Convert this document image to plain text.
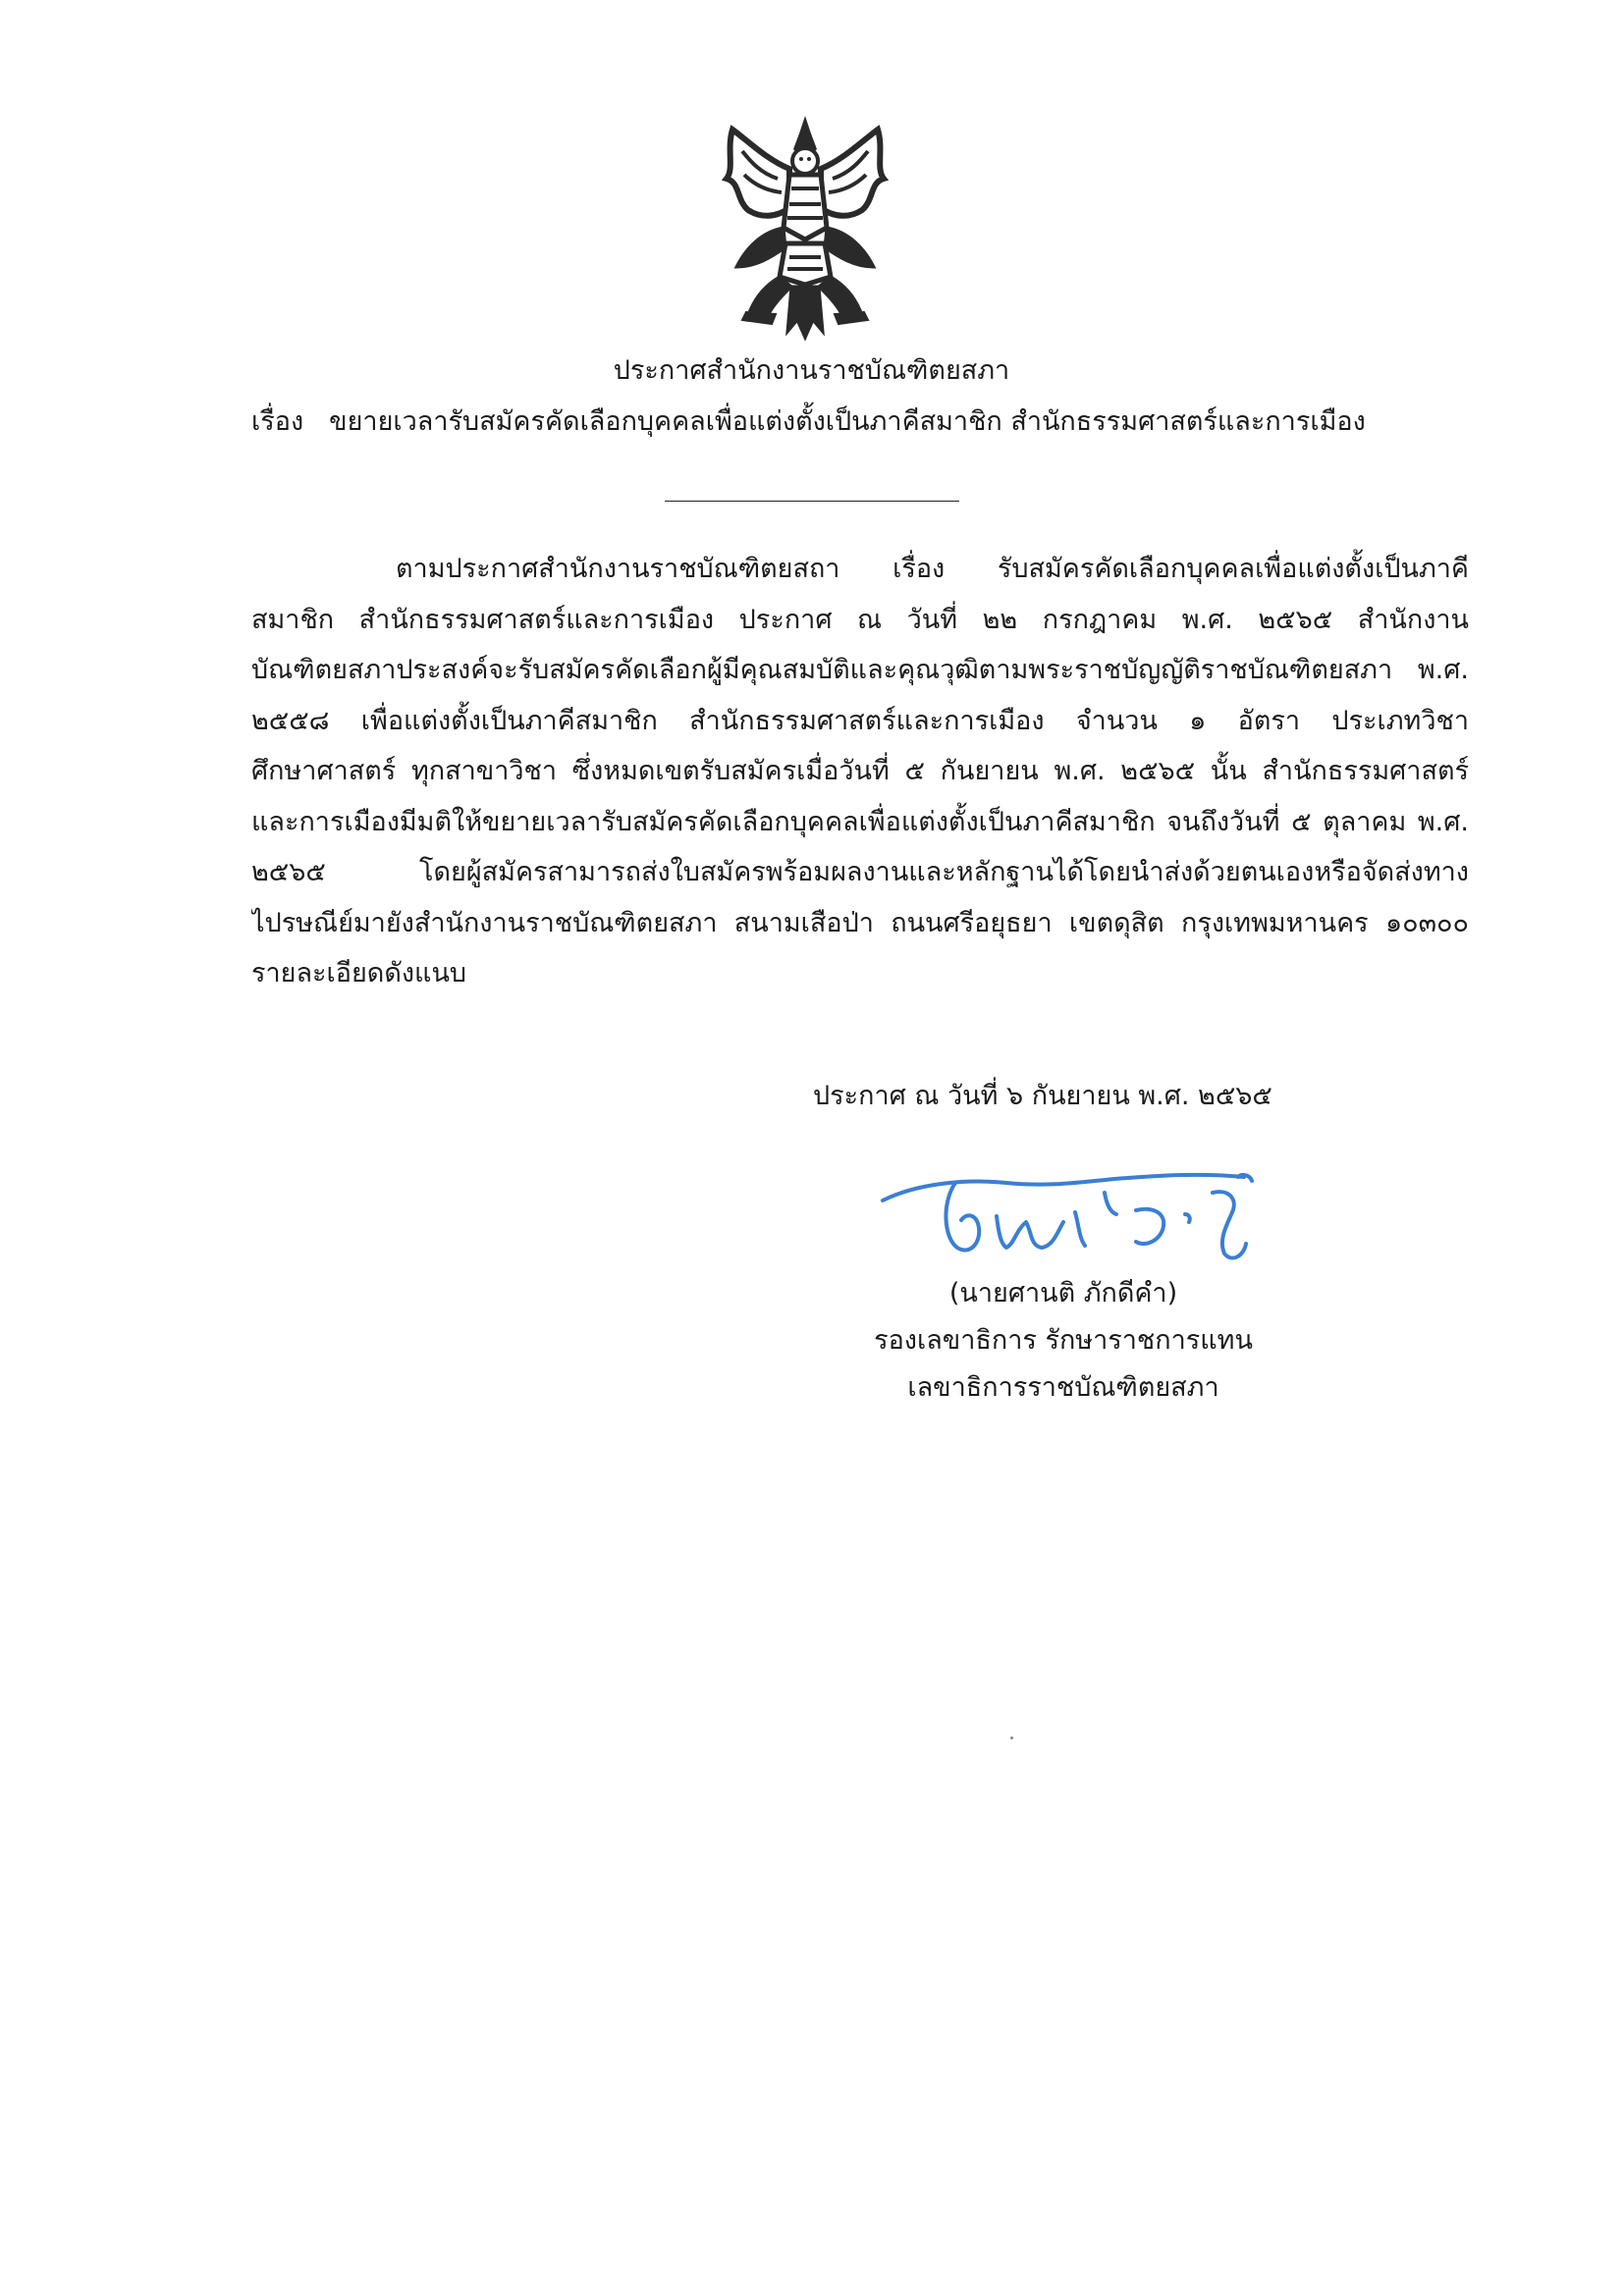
ประกาศสำนักงานราชบัณฑิตยสภา
เรื่อง ขยายเวลารับสมัครคัดเลือกบุคคลเพื่อแต่งตั้งเป็นภาคีสมาชิก สำนักธรรมศาสตร์และการเมือง
ตามประกาศสำนักงานราชบัณฑิตยสถา เรื่อง รับสมัครคัดเลือกบุคคลเพื่อแต่งตั้งเป็นภาคี
สมาชิก สำนักธรรมศาสตร์และการเมือง ประกาศ ณ วันที่ ๒๒ กรกฎาคม พ.ศ. ๒๕๖๕ สำนักงาน
บัณฑิตยสภาประสงค์จะรับสมัครคัดเลือกผู้มีคุณสมบัติและคุณวุฒิตามพระราชบัญญัติราชบัณฑิตยสภา พ.ศ.
๒๕๕๘ เพื่อแต่งตั้งเป็นภาคีสมาชิก สำนักธรรมศาสตร์และการเมือง จำนวน ๑ อัตรา ประเภทวิชา
ศึกษาศาสตร์ ทุกสาขาวิชา ซึ่งหมดเขตรับสมัครเมื่อวันที่ ๕ กันยายน พ.ศ. ๒๕๖๕ นั้น สำนักธรรมศาสตร์
และการเมืองมีมติให้ขยายเวลารับสมัครคัดเลือกบุคคลเพื่อแต่งตั้งเป็นภาคีสมาชิก จนถึงวันที่ ๕ ตุลาคม พ.ศ.
๒๕๖๕ โดยผู้สมัครสามารถส่งใบสมัครพร้อมผลงานและหลักฐานได้โดยนำส่งด้วยตนเองหรือจัดส่งทาง
ไปรษณีย์มายังสำนักงานราชบัณฑิตยสภา สนามเสือป่า ถนนศรีอยุธยา เขตดุสิต กรุงเทพมหานคร ๑๐๓๐๐
รายละเอียดดังแนบ
ประกาศ ณ วันที่ ๖ กันยายน พ.ศ. ๒๕๖๕
(นายศานติ ภักดีคำ)
รองเลขาธิการ รักษาราชการแทน
เลขาธิการราชบัณฑิตยสภา
